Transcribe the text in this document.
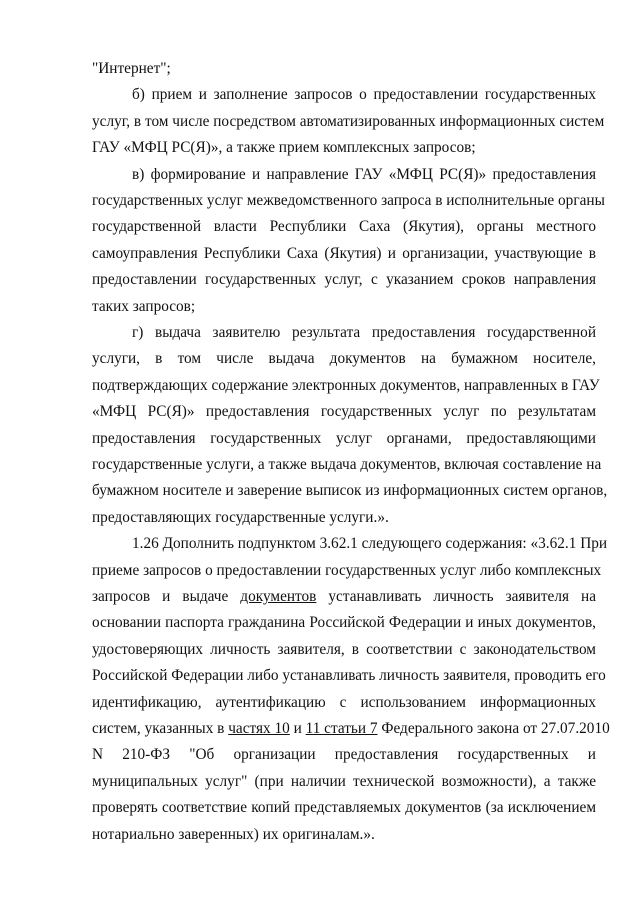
"Интернет";
б) прием и заполнение запросов о предоставлении государственных
услуг, в том числе посредством автоматизированных информационных систем
ГАУ «МФЦ РС(Я)», а также прием комплексных запросов;
в) формирование и направление ГАУ «МФЦ РС(Я)» предоставления
государственных услуг межведомственного запроса в исполнительные органы
государственной власти Республики Саха (Якутия), органы местного
самоуправления Республики Саха (Якутия) и организации, участвующие в
предоставлении государственных услуг, с указанием сроков направления
таких запросов;
г) выдача заявителю результата предоставления государственной
услуги, в том числе выдача документов на бумажном носителе,
подтверждающих содержание электронных документов, направленных в ГАУ
«МФЦ РС(Я)» предоставления государственных услуг по результатам
предоставления государственных услуг органами, предоставляющими
государственные услуги, а также выдача документов, включая составление на
бумажном носителе и заверение выписок из информационных систем органов,
предоставляющих государственные услуги.».
1.26 Дополнить подпунктом 3.62.1 следующего содержания: «3.62.1 При
приеме запросов о предоставлении государственных услуг либо комплексных
запросов и выдаче документов устанавливать личность заявителя на
основании паспорта гражданина Российской Федерации и иных документов,
удостоверяющих личность заявителя, в соответствии с законодательством
Российской Федерации либо устанавливать личность заявителя, проводить его
идентификацию, аутентификацию с использованием информационных
систем, указанных в частях 10 и 11 статьи 7 Федерального закона от 27.07.2010
N 210-ФЗ "Об организации предоставления государственных и
муниципальных услуг" (при наличии технической возможности), а также
проверять соответствие копий представляемых документов (за исключением
нотариально заверенных) их оригиналам.».
